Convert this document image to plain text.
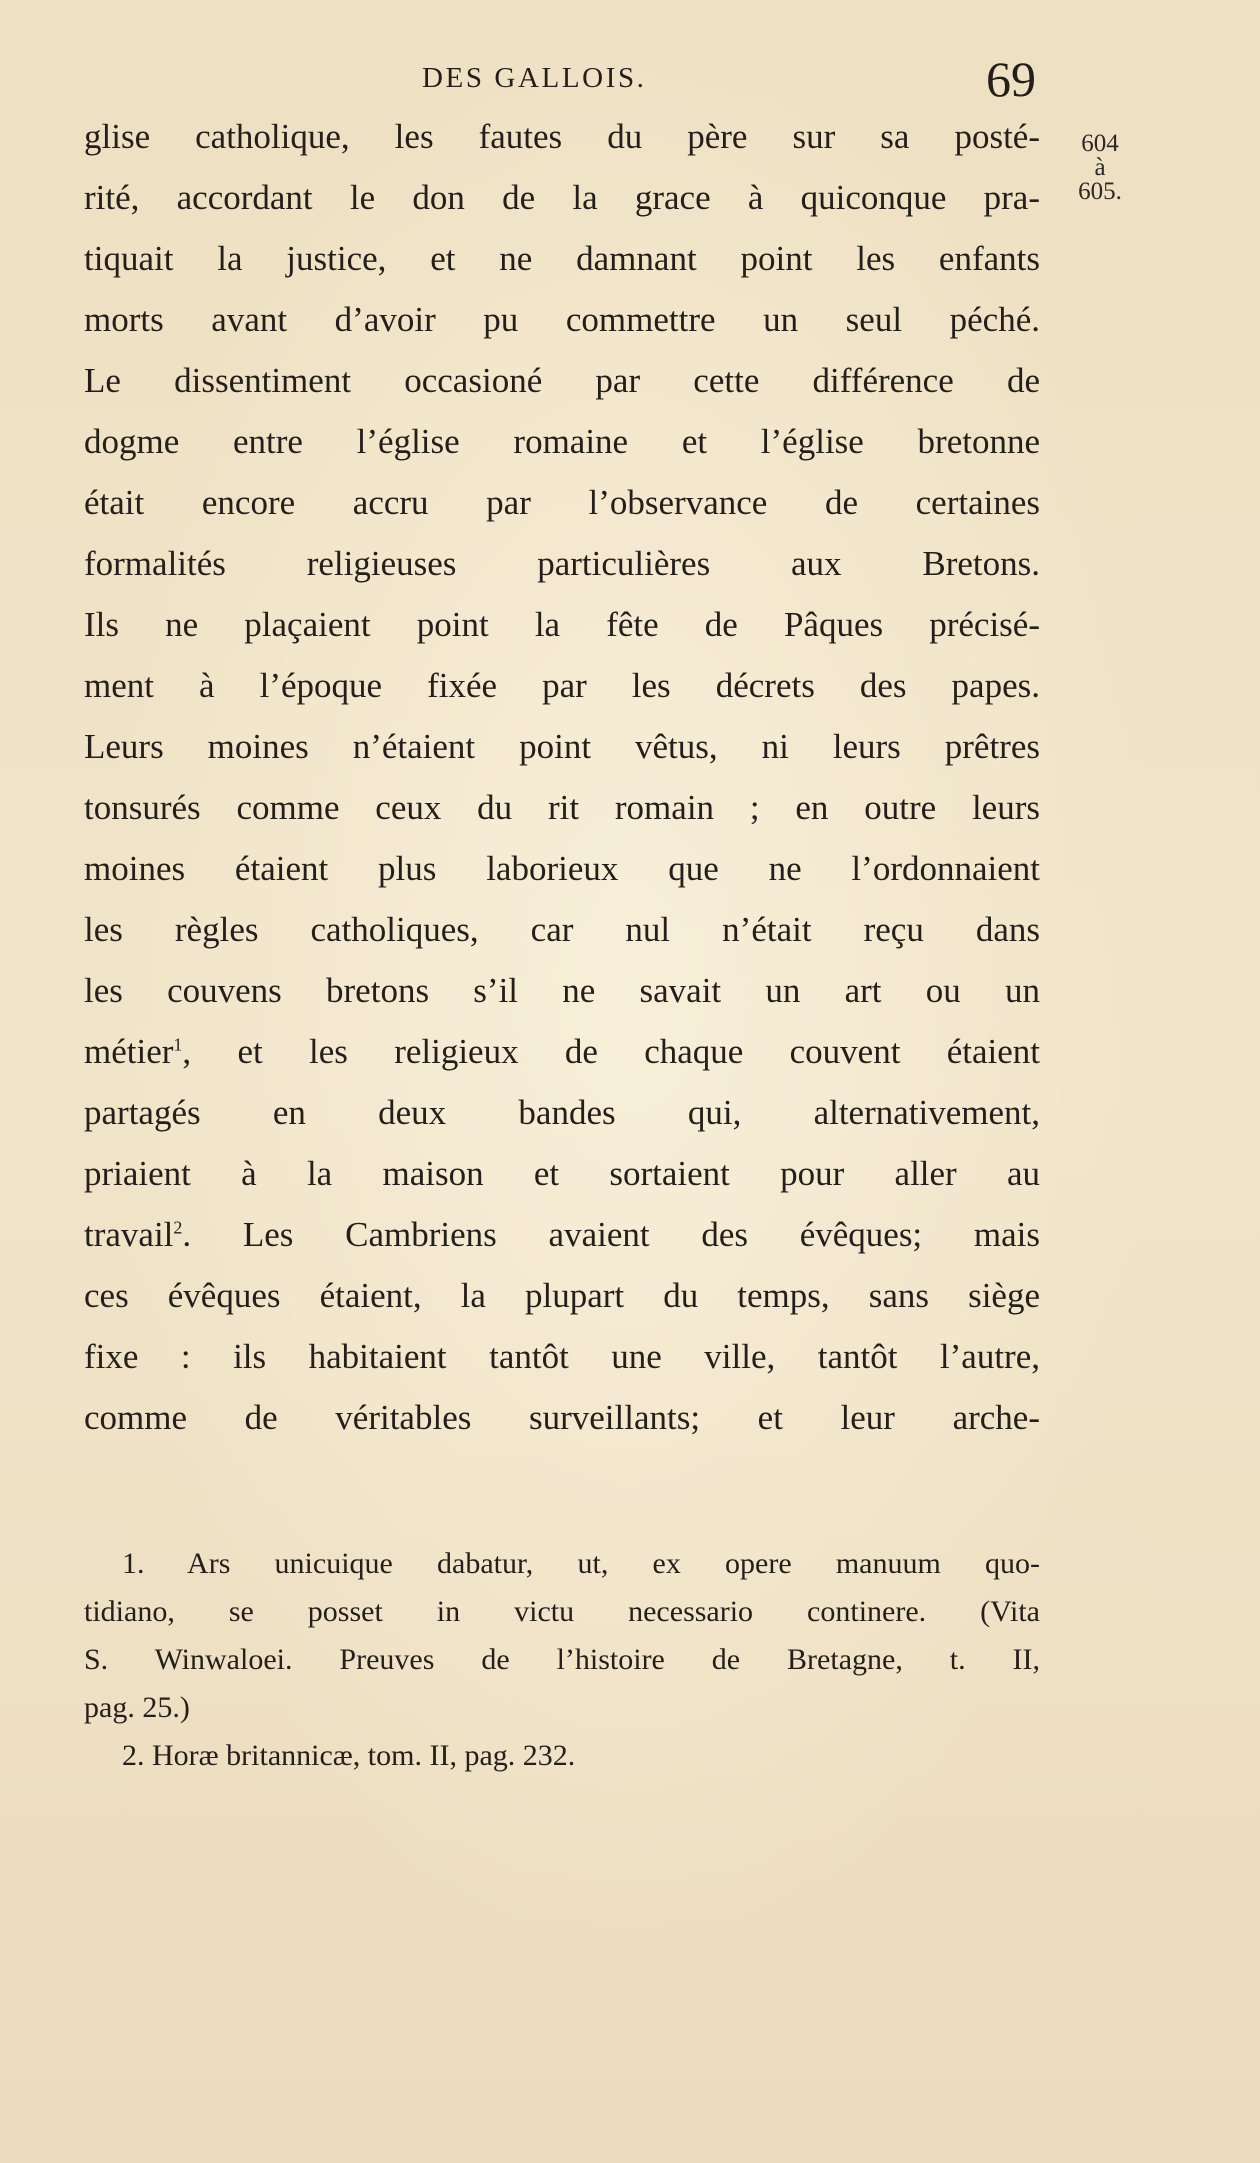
DES GALLOIS.	69
604
à
605.
glise catholique, les fautes du père sur sa posté-
rité, accordant le don de la grace à quiconque pra-
tiquait la justice, et ne damnant point les enfants
morts avant d’avoir pu commettre un seul péché.
Le dissentiment occasioné par cette différence de
dogme entre l’église romaine et l’église bretonne
était encore accru par l’observance de certaines
formalités religieuses particulières aux Bretons.
Ils ne plaçaient point la fête de Pâques précisé-
ment à l’époque fixée par les décrets des papes.
Leurs moines n’étaient point vêtus, ni leurs prêtres
tonsurés comme ceux du rit romain ; en outre leurs
moines étaient plus laborieux que ne l’ordonnaient
les règles catholiques, car nul n’était reçu dans
les couvens bretons s’il ne savait un art ou un
métier$^1$, et les religieux de chaque couvent étaient
partagés en deux bandes qui, alternativement,
priaient à la maison et sortaient pour aller au
travail$^2$. Les Cambriens avaient des évêques; mais
ces évêques étaient, la plupart du temps, sans siège
fixe : ils habitaient tantôt une ville, tantôt l’autre,
comme de véritables surveillants; et leur arche-
1. Ars unicuique dabatur, ut, ex opere manuum quo-
tidiano, se posset in victu necessario continere. (Vita
S. Winwaloei. Preuves de l’histoire de Bretagne, t. II,
pag. 25.)
2. Horæ britannicæ, tom. II, pag. 232.
